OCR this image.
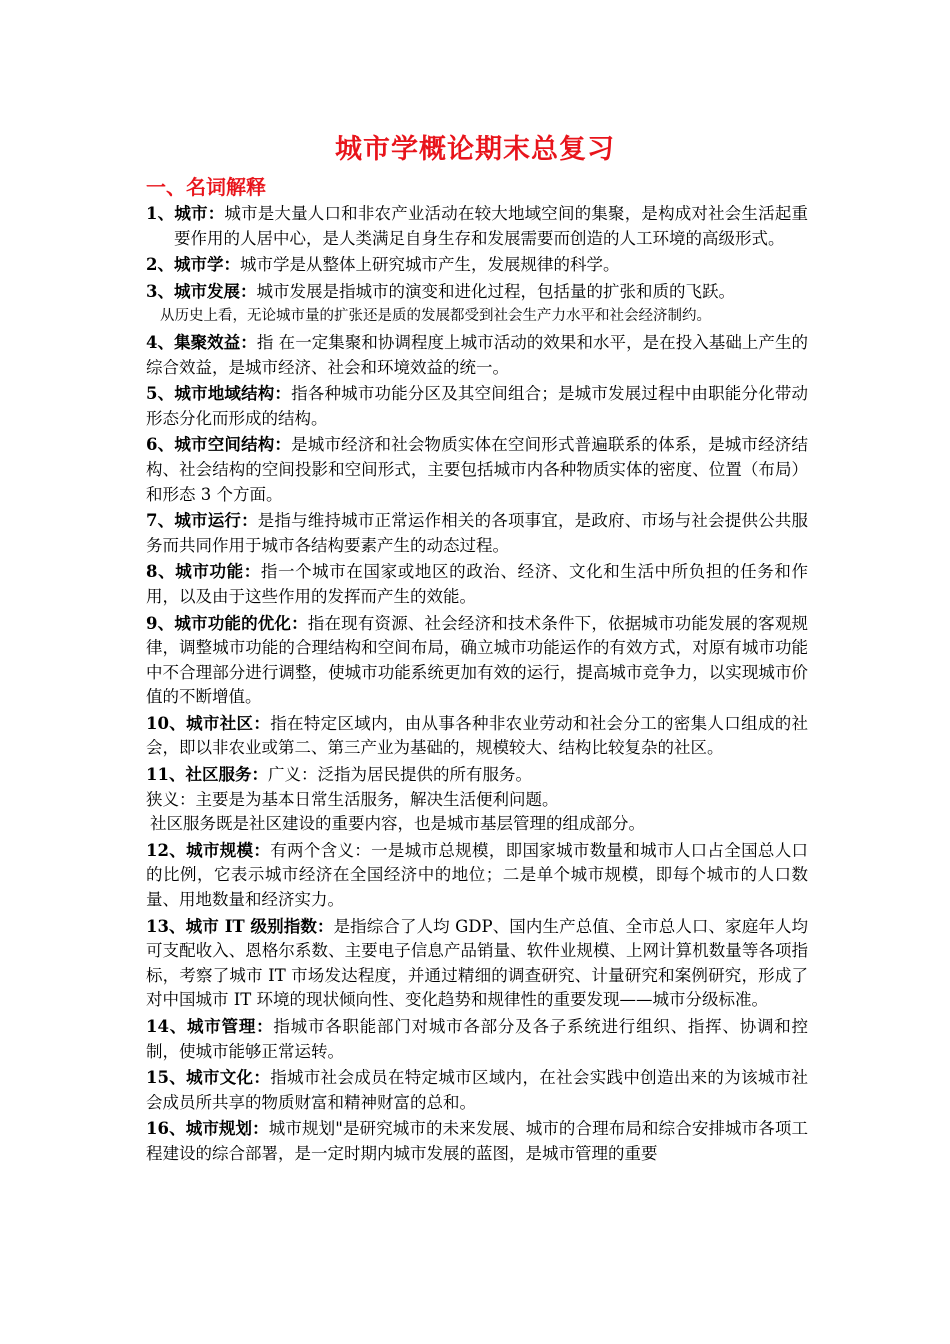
城市学概论期末总复习
一、名词解释

1、城市：城市是大量人口和非农产业活动在较大地域空间的集聚，是构成对社会生活起重要作用的人居中心，是人类满足自身生存和发展需要而创造的人工环境的高级形式。

2、城市学：城市学是从整体上研究城市产生，发展规律的科学。

3、城市发展：城市发展是指城市的演变和进化过程，包括量的扩张和质的飞跃。

从历史上看，无论城市量的扩张还是质的发展都受到社会生产力水平和社会经济制约。

4、集聚效益：指 在一定集聚和协调程度上城市活动的效果和水平，是在投入基础上产生的综合效益，是城市经济、社会和环境效益的统一。

5、城市地域结构：指各种城市功能分区及其空间组合；是城市发展过程中由职能分化带动形态分化而形成的结构。

6、城市空间结构：是城市经济和社会物质实体在空间形式普遍联系的体系，是城市经济结构、社会结构的空间投影和空间形式，主要包括城市内各种物质实体的密度、位置（布局）和形态 3 个方面。

7、城市运行：是指与维持城市正常运作相关的各项事宜，是政府、市场与社会提供公共服务而共同作用于城市各结构要素产生的动态过程。

8、城市功能：指一个城市在国家或地区的政治、经济、文化和生活中所负担的任务和作用，以及由于这些作用的发挥而产生的效能。

9、城市功能的优化：指在现有资源、社会经济和技术条件下，依据城市功能发展的客观规律，调整城市功能的合理结构和空间布局，确立城市功能运作的有效方式，对原有城市功能中不合理部分进行调整，使城市功能系统更加有效的运行，提高城市竞争力，以实现城市价值的不断增值。

10、城市社区：指在特定区域内，由从事各种非农业劳动和社会分工的密集人口组成的社会，即以非农业或第二、第三产业为基础的，规模较大、结构比较复杂的社区。

11、社区服务：广义：泛指为居民提供的所有服务。

狭义：主要是为基本日常生活服务，解决生活便利问题。

社区服务既是社区建设的重要内容，也是城市基层管理的组成部分。

12、城市规模：有两个含义：一是城市总规模，即国家城市数量和城市人口占全国总人口的比例，它表示城市经济在全国经济中的地位；二是单个城市规模，即每个城市的人口数量、用地数量和经济实力。

13、城市 IT 级别指数：是指综合了人均 GDP、国内生产总值、全市总人口、家庭年人均可支配收入、恩格尔系数、主要电子信息产品销量、软件业规模、上网计算机数量等各项指标，考察了城市 IT 市场发达程度，并通过精细的调查研究、计量研究和案例研究，形成了对中国城市 IT 环境的现状倾向性、变化趋势和规律性的重要发现——城市分级标准。

14、城市管理：指城市各职能部门对城市各部分及各子系统进行组织、指挥、协调和控制，使城市能够正常运转。

15、城市文化：指城市社会成员在特定城市区域内，在社会实践中创造出来的为该城市社会成员所共享的物质财富和精神财富的总和。

16、城市规划：城市规划"是研究城市的未来发展、城市的合理布局和综合安排城市各项工程建设的综合部署，是一定时期内城市发展的蓝图，是城市管理的重要
